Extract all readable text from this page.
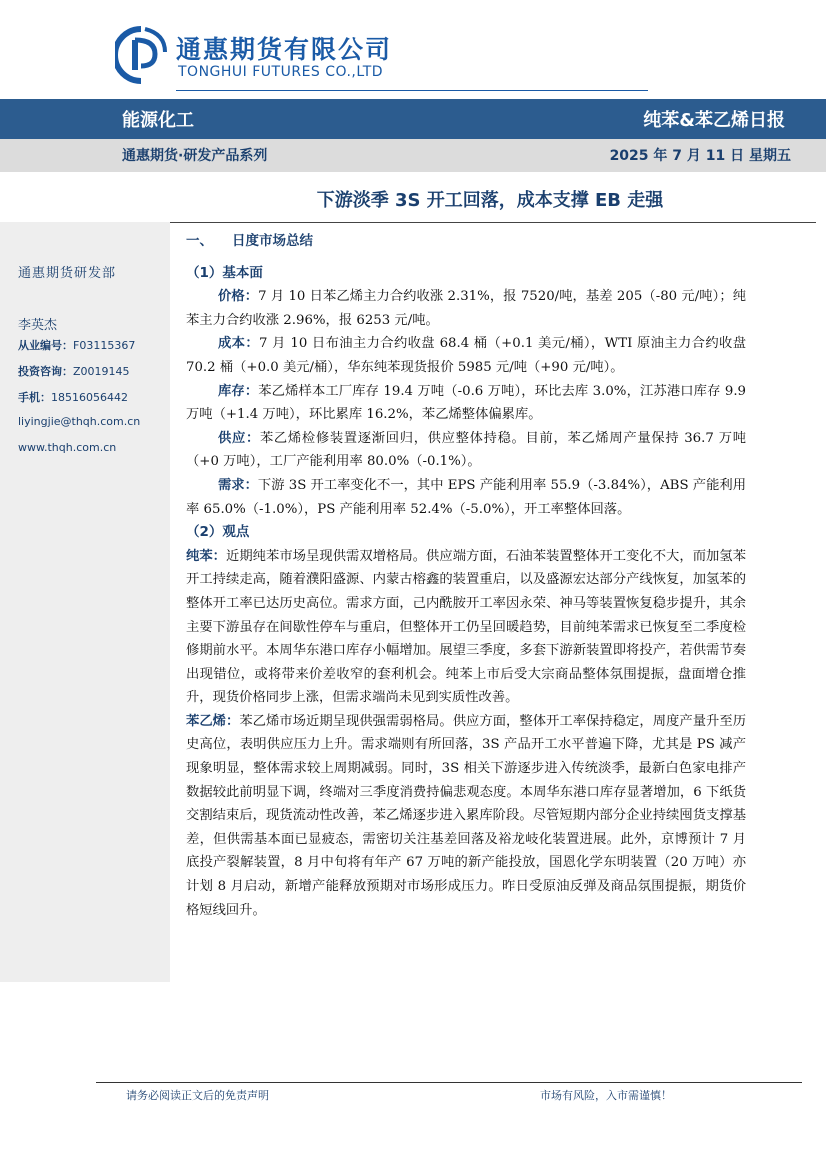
通惠期货有限公司
TONGHUI FUTURES CO.,LTD
能源化工	纯苯&苯乙烯日报
通惠期货·研发产品系列	2025 年 7 月 11 日 星期五
下游淡季 3S 开工回落，成本支撑 EB 走强
通惠期货研发部
李英杰
从业编号：F03115367
投资咨询：Z0019145
手机：18516056442
liyingjie@thqh.com.cn
www.thqh.com.cn
一、 日度市场总结
（1）基本面
价格：7 月 10 日苯乙烯主力合约收涨 2.31%，报 7520/吨，基差 205（-80 元/吨）；纯苯主力合约收涨 2.96%，报 6253 元/吨。
成本：7 月 10 日布油主力合约收盘 68.4 桶（+0.1 美元/桶），WTI 原油主力合约收盘 70.2 桶（+0.0 美元/桶），华东纯苯现货报价 5985 元/吨（+90 元/吨）。
库存：苯乙烯样本工厂库存 19.4 万吨（-0.6 万吨），环比去库 3.0%，江苏港口库存 9.9 万吨（+1.4 万吨），环比累库 16.2%，苯乙烯整体偏累库。
供应：苯乙烯检修装置逐渐回归，供应整体持稳。目前，苯乙烯周产量保持 36.7 万吨（+0 万吨），工厂产能利用率 80.0%（-0.1%）。
需求：下游 3S 开工率变化不一，其中 EPS 产能利用率 55.9（-3.84%），ABS 产能利用率 65.0%（-1.0%），PS 产能利用率 52.4%（-5.0%），开工率整体回落。
（2）观点
纯苯：近期纯苯市场呈现供需双增格局。供应端方面，石油苯装置整体开工变化不大，而加氢苯开工持续走高，随着濮阳盛源、内蒙古榕鑫的装置重启，以及盛源宏达部分产线恢复，加氢苯的整体开工率已达历史高位。需求方面，己内酰胺开工率因永荣、神马等装置恢复稳步提升，其余主要下游虽存在间歇性停车与重启，但整体开工仍呈回暖趋势，目前纯苯需求已恢复至二季度检修期前水平。本周华东港口库存小幅增加。展望三季度，多套下游新装置即将投产，若供需节奏出现错位，或将带来价差收窄的套利机会。纯苯上市后受大宗商品整体氛围提振，盘面增仓推升，现货价格同步上涨，但需求端尚未见到实质性改善。
苯乙烯：苯乙烯市场近期呈现供强需弱格局。供应方面，整体开工率保持稳定，周度产量升至历史高位，表明供应压力上升。需求端则有所回落，3S 产品开工水平普遍下降，尤其是 PS 减产现象明显，整体需求较上周期减弱。同时，3S 相关下游逐步进入传统淡季，最新白色家电排产数据较此前明显下调，终端对三季度消费持偏悲观态度。本周华东港口库存显著增加，6 下纸货交割结束后，现货流动性改善，苯乙烯逐步进入累库阶段。尽管短期内部分企业持续囤货支撑基差，但供需基本面已显疲态，需密切关注基差回落及裕龙岐化装置进展。此外，京博预计 7 月底投产裂解装置，8 月中旬将有年产 67 万吨的新产能投放，国恩化学东明装置（20 万吨）亦计划 8 月启动，新增产能释放预期对市场形成压力。昨日受原油反弹及商品氛围提振，期货价格短线回升。
请务必阅读正文后的免责声明	市场有风险，入市需谨慎！
